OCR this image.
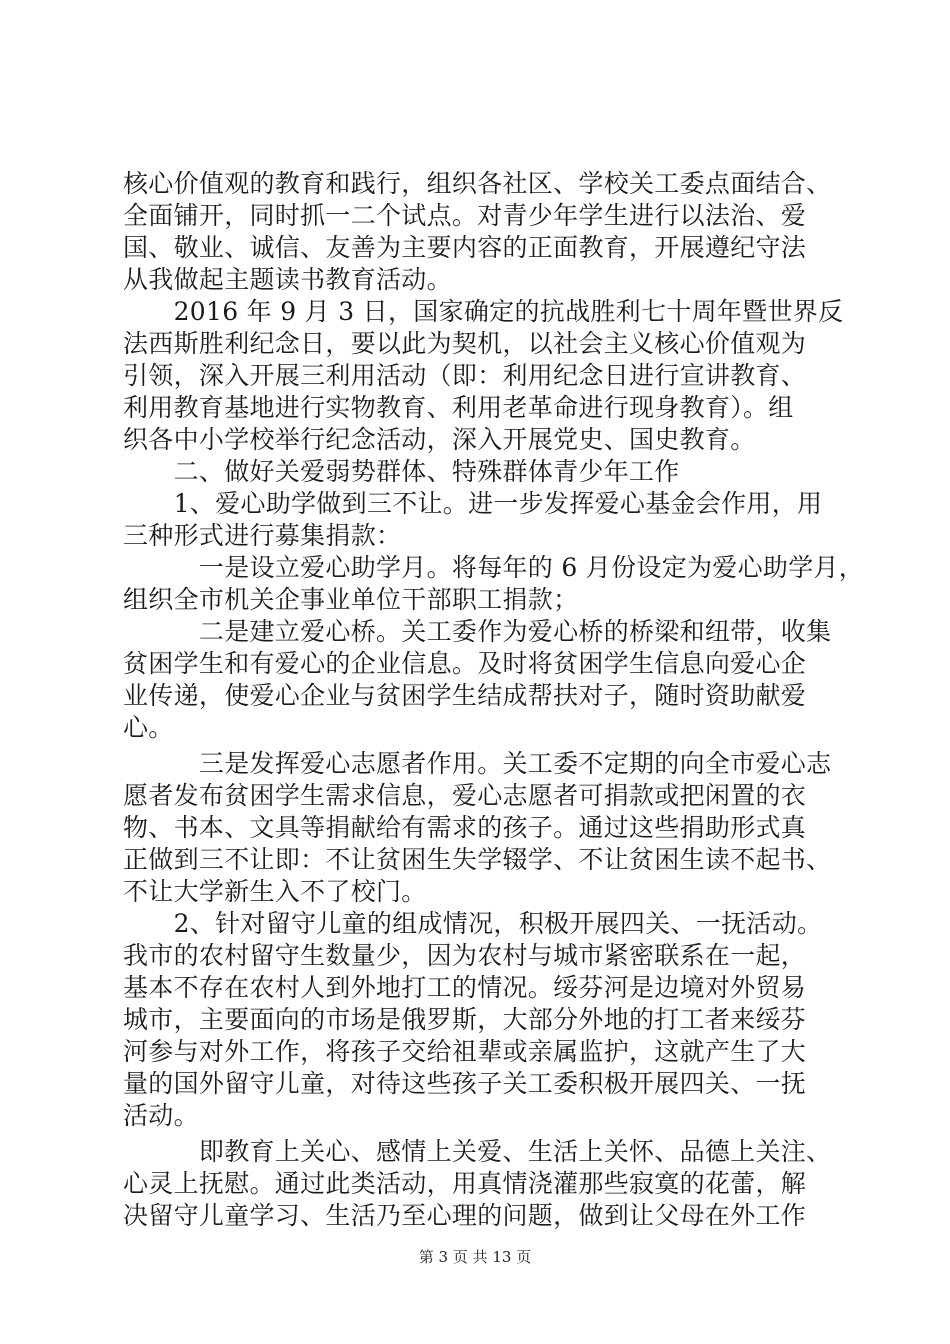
核心价值观的教育和践行，组织各社区、学校关工委点面结合、
全面铺开，同时抓一二个试点。对青少年学生进行以法治、爱
国、敬业、诚信、友善为主要内容的正面教育，开展遵纪守法
从我做起主题读书教育活动。
　　2016 年 9 月 3 日，国家确定的抗战胜利七十周年暨世界反
法西斯胜利纪念日，要以此为契机，以社会主义核心价值观为
引领，深入开展三利用活动（即：利用纪念日进行宣讲教育、
利用教育基地进行实物教育、利用老革命进行现身教育）。组
织各中小学校举行纪念活动，深入开展党史、国史教育。
　　二、做好关爱弱势群体、特殊群体青少年工作
　　1、爱心助学做到三不让。进一步发挥爱心基金会作用，用
三种形式进行募集捐款：
　　　一是设立爱心助学月。将每年的 6 月份设定为爱心助学月，
组织全市机关企事业单位干部职工捐款；
　　　二是建立爱心桥。关工委作为爱心桥的桥梁和纽带，收集
贫困学生和有爱心的企业信息。及时将贫困学生信息向爱心企
业传递，使爱心企业与贫困学生结成帮扶对子，随时资助献爱
心。
　　　三是发挥爱心志愿者作用。关工委不定期的向全市爱心志
愿者发布贫困学生需求信息，爱心志愿者可捐款或把闲置的衣
物、书本、文具等捐献给有需求的孩子。通过这些捐助形式真
正做到三不让即：不让贫困生失学辍学、不让贫困生读不起书、
不让大学新生入不了校门。
　　2、针对留守儿童的组成情况，积极开展四关、一抚活动。
我市的农村留守生数量少，因为农村与城市紧密联系在一起，
基本不存在农村人到外地打工的情况。绥芬河是边境对外贸易
城市，主要面向的市场是俄罗斯，大部分外地的打工者来绥芬
河参与对外工作，将孩子交给祖辈或亲属监护，这就产生了大
量的国外留守儿童，对待这些孩子关工委积极开展四关、一抚
活动。
　　　即教育上关心、感情上关爱、生活上关怀、品德上关注、
心灵上抚慰。通过此类活动，用真情浇灌那些寂寞的花蕾，解
决留守儿童学习、生活乃至心理的问题，做到让父母在外工作
第 3 页 共 13 页
